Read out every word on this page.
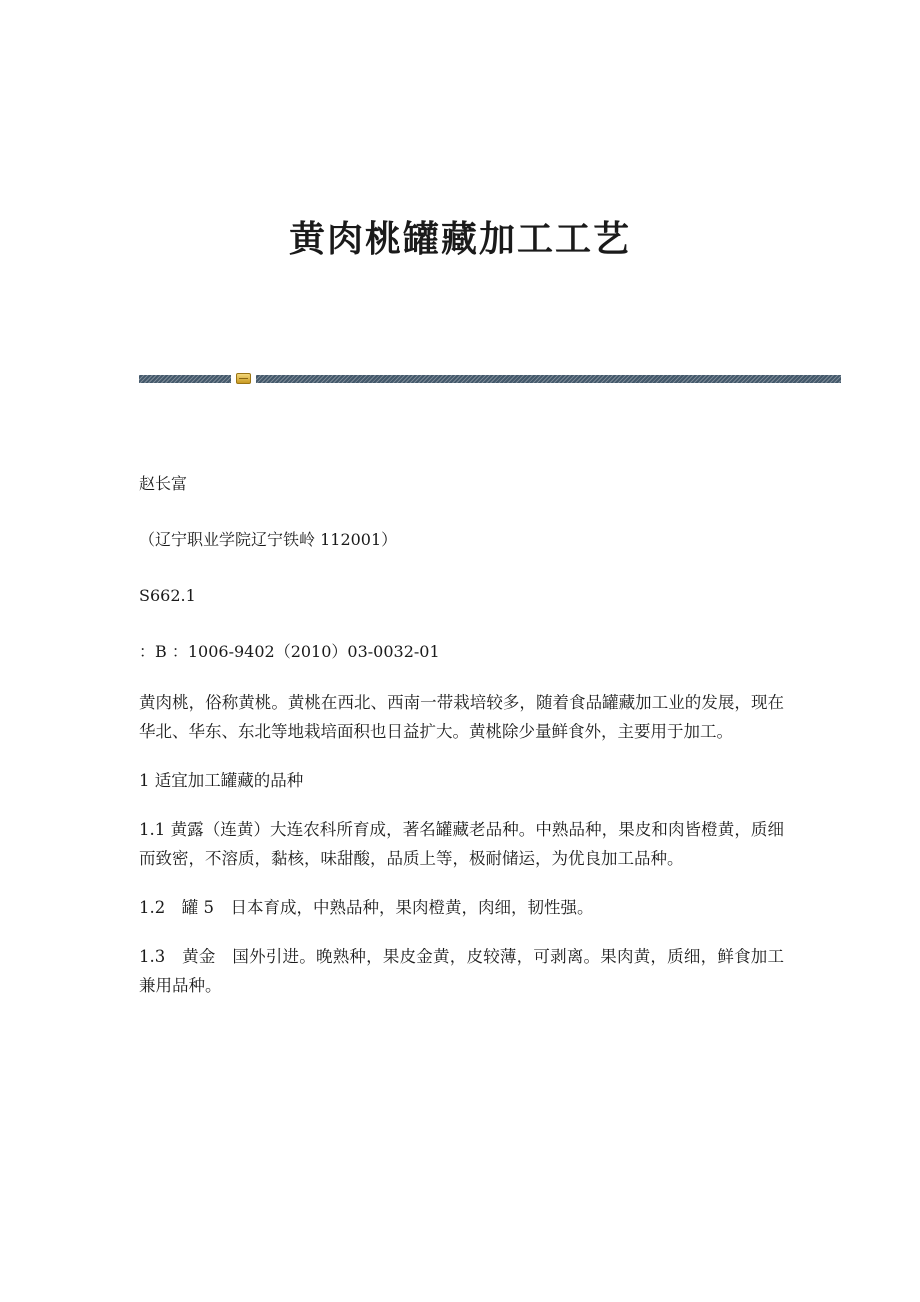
黄肉桃罐藏加工工艺
赵长富
（辽宁职业学院辽宁铁岭 112001）
S662.1
：B ：1006-9402（2010）03-0032-01

黄肉桃，俗称黄桃。黄桃在西北、西南一带栽培较多，随着食品罐藏加工业的发展，现在华北、华东、东北等地栽培面积也日益扩大。黄桃除少量鲜食外，主要用于加工。

1 适宜加工罐藏的品种

1.1 黄露（连黄）大连农科所育成，著名罐藏老品种。中熟品种，果皮和肉皆橙黄，质细而致密，不溶质，黏核，味甜酸，品质上等，极耐储运，为优良加工品种。

1.2　罐 5　日本育成，中熟品种，果肉橙黄，肉细，韧性强。

1.3　黄金　国外引进。晚熟种，果皮金黄，皮较薄，可剥离。果肉黄，质细，鲜食加工兼用品种。
